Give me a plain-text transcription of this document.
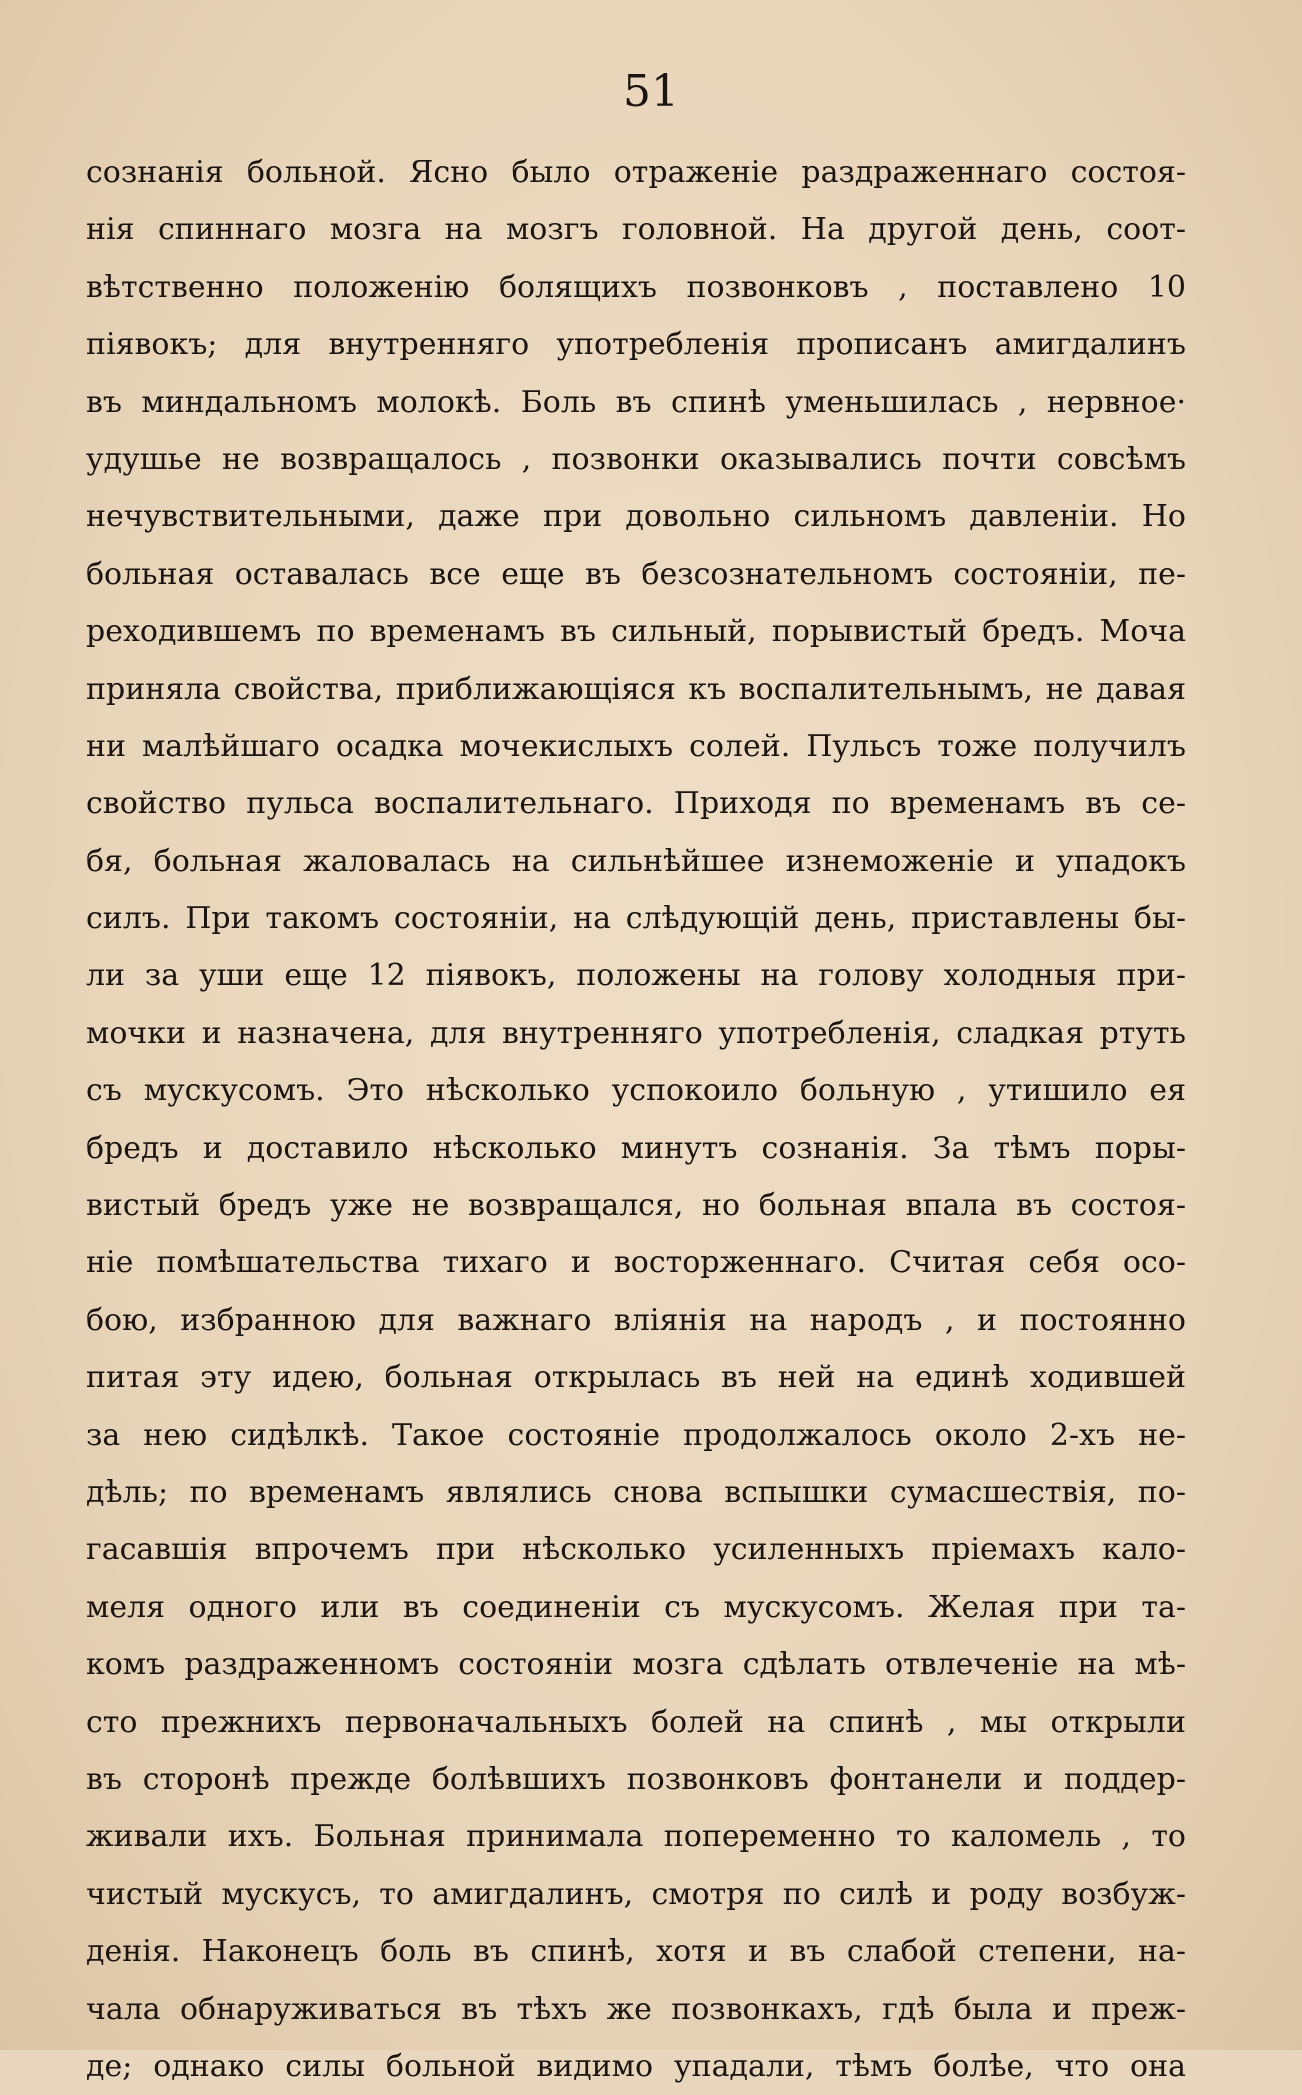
51
сознанія больной. Ясно было отраженіе раздраженнаго состоя-
нія спиннаго мозга на мозгъ головной. На другой день, соот-
вѣтственно положенію болящихъ позвонковъ , поставлено 10
піявокъ; для внутренняго употребленія прописанъ амигдалинъ
въ миндальномъ молокѣ. Боль въ спинѣ уменьшилась , нервное·
удушье не возвращалось , позвонки оказывались почти совсѣмъ
нечувствительными, даже при довольно сильномъ давленіи. Но
больная оставалась все еще въ безсознательномъ состояніи, пе-
реходившемъ по временамъ въ сильный, порывистый бредъ. Моча
приняла свойства, приближающіяся къ воспалительнымъ, не давая
ни малѣйшаго осадка мочекислыхъ солей. Пульсъ тоже получилъ
свойство пульса воспалительнаго. Приходя по временамъ въ се-
бя, больная жаловалась на сильнѣйшее изнеможеніе и упадокъ
силъ. При такомъ состояніи, на слѣдующій день, приставлены бы-
ли за уши еще 12 піявокъ, положены на голову холодныя при-
мочки и назначена, для внутренняго употребленія, сладкая ртуть
съ мускусомъ. Это нѣсколько успокоило больную , утишило ея
бредъ и доставило нѣсколько минутъ сознанія. За тѣмъ поры-
вистый бредъ уже не возвращался, но больная впала въ состоя-
ніе помѣшательства тихаго и восторженнаго. Считая себя осо-
бою, избранною для важнаго вліянія на народъ , и постоянно
питая эту идею, больная открылась въ ней на единѣ ходившей
за нею сидѣлкѣ. Такое состояніе продолжалось около 2-хъ не-
дѣль; по временамъ являлись снова вспышки сумасшествія, по-
гасавшія впрочемъ при нѣсколько усиленныхъ пріемахъ кало-
меля одного или въ соединеніи съ мускусомъ. Желая при та-
комъ раздраженномъ состояніи мозга сдѣлать отвлеченіе на мѣ-
сто прежнихъ первоначальныхъ болей на спинѣ , мы открыли
въ сторонѣ прежде болѣвшихъ позвонковъ фонтанели и поддер-
живали ихъ. Больная принимала попеременно то каломель , то
чистый мускусъ, то амигдалинъ, смотря по силѣ и роду возбуж-
денія. Наконецъ боль въ спинѣ, хотя и въ слабой степени, на-
чала обнаруживаться въ тѣхъ же позвонкахъ, гдѣ была и преж-
де; однако силы больной видимо упадали, тѣмъ болѣе, что она
